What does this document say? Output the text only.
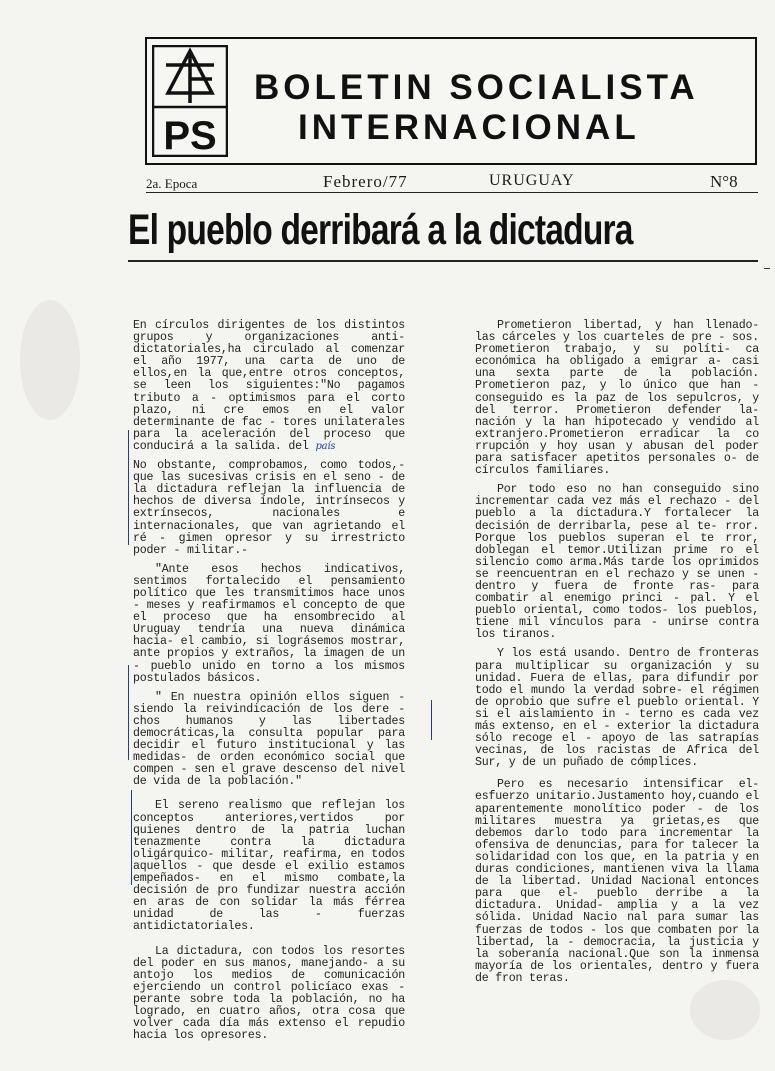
PS
BOLETIN SOCIALISTA
INTERNACIONAL
2a. Epoca	Febrero/77	URUGUAY	N°8
El pueblo derribará a la dictadura

En círculos dirigentes de los distintos grupos y organizaciones anti-dictatoriales,ha circulado al comenzar el año 1977, una carta de uno de ellos,en la que,entre otros conceptos, se leen los siguientes:"No pagamos tributo a - optimismos para el corto plazo, ni cre emos en el valor determinante de fac - tores unilaterales para la aceleración del proceso que conducirá a la salida. del país

No obstante, comprobamos, como todos,- que las sucesivas crisis en el seno - de la dictadura reflejan la influencia de hechos de diversa índole, intrínsecos y extrínsecos, nacionales e internacionales, que van agrietando el ré - gimen opresor y su irrestricto poder - militar.-

"Ante esos hechos indicativos, sentimos fortalecido el pensamiento político que les transmitimos hace unos - meses y reafirmamos el concepto de que el proceso que ha ensombrecido al Uruguay tendría una nueva dinámica hacia- el cambio, si lográsemos mostrar, ante propios y extraños, la imagen de un - pueblo unido en torno a los mismos postulados básicos.

" En nuestra opinión ellos siguen - siendo la reivindicación de los dere - chos humanos y las libertades democráticas,la consulta popular para decidir el futuro institucional y las medidas- de orden económico social que compen - sen el grave descenso del nivel de vida de la población."

El sereno realismo que reflejan los conceptos anteriores,vertidos por quienes dentro de la patria luchan tenazmente contra la dictadura oligárquico- militar, reafirma, en todos aquellos - que desde el exilio estamos empeñados- en el mismo combate,la decisión de pro fundizar nuestra acción en aras de con solidar la más férrea unidad de las - fuerzas antidictatoriales.

La dictadura, con todos los resortes del poder en sus manos, manejando- a su antojo los medios de comunicación ejerciendo un control policíaco exas - perante sobre toda la población, no ha logrado, en cuatro años, otra cosa que volver cada día más extenso el repudio hacia los opresores.

Prometieron libertad, y han llenado- las cárceles y los cuarteles de pre - sos. Prometieron trabajo, y su políti- ca económica ha obligado a emigrar a- casi una sexta parte de la población. Prometieron paz, y lo único que han - conseguido es la paz de los sepulcros, y del terror. Prometieron defender la- nación y la han hipotecado y vendido al extranjero.Prometieron erradicar la co rrupción y hoy usan y abusan del poder para satisfacer apetitos personales o- de círculos familiares.

Por todo eso no han conseguido sino incrementar cada vez más el rechazo - del pueblo a la dictadura.Y fortalecer la decisión de derribarla, pese al te- rror. Porque los pueblos superan el te rror, doblegan el temor.Utilizan prime ro el silencio como arma.Más tarde los oprimidos se reencuentran en el rechazo y se unen -dentro y fuera de fronte ras- para combatir al enemigo princi - pal. Y el pueblo oriental, como todos- los pueblos, tiene mil vínculos para - unirse contra los tiranos.

Y los está usando. Dentro de fronteras para multiplicar su organización y su unidad. Fuera de ellas, para difundir por todo el mundo la verdad sobre- el régimen de oprobio que sufre el pueblo oriental. Y si el aislamiento in - terno es cada vez más extenso, en el - exterior la dictadura sólo recoge el - apoyo de las satrapías vecinas, de los racistas de Africa del Sur, y de un puñado de cómplices.

Pero es necesario intensificar el- esfuerzo unitario.Justamento hoy,cuando el aparentemente monolítico poder - de los militares muestra ya grietas,es que debemos darlo todo para incrementar la ofensiva de denuncias, para for talecer la solidaridad con los que, en la patria y en duras condiciones, mantienen viva la llama de la libertad. Unidad Nacional entonces para que el- pueblo derribe a la dictadura. Unidad- amplia y a la vez sólida. Unidad Nacio nal para sumar las fuerzas de todos - los que combaten por la libertad, la - democracia, la justicia y la soberanía nacional.Que son la inmensa mayoría de los orientales, dentro y fuera de fron teras.
